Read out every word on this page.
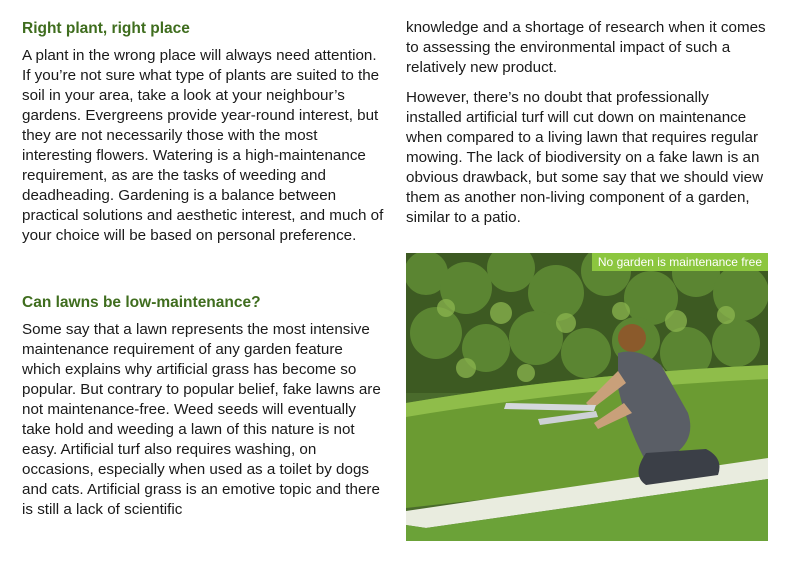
Right plant, right place

A plant in the wrong place will always need attention. If you’re not sure what type of plants are suited to the soil in your area, take a look at your neighbour’s gardens. Evergreens provide year-round interest, but they are not necessarily those with the most interesting flowers. Watering is a high-maintenance requirement, as are the tasks of weeding and deadheading. Gardening is a balance between practical solutions and aesthetic interest, and much of your choice will be based on personal preference.

Can lawns be low-maintenance?

Some say that a lawn represents the most intensive maintenance requirement of any garden feature which explains why artificial grass has become so popular. But contrary to popular belief, fake lawns are not maintenance-free. Weed seeds will eventually take hold and weeding a lawn of this nature is not easy. Artificial turf also requires washing, on occasions, especially when used as a toilet by dogs and cats. Artificial grass is an emotive topic and there is still a lack of scientific

knowledge and a shortage of research when it comes to assessing the environmental impact of such a relatively new product.

However, there’s no doubt that professionally installed artificial turf will cut down on maintenance when compared to a living lawn that requires regular mowing. The lack of biodiversity on a fake lawn is an obvious drawback, but some say that we should view them as another non-living component of a garden, similar to a patio.

No garden is maintenance free
